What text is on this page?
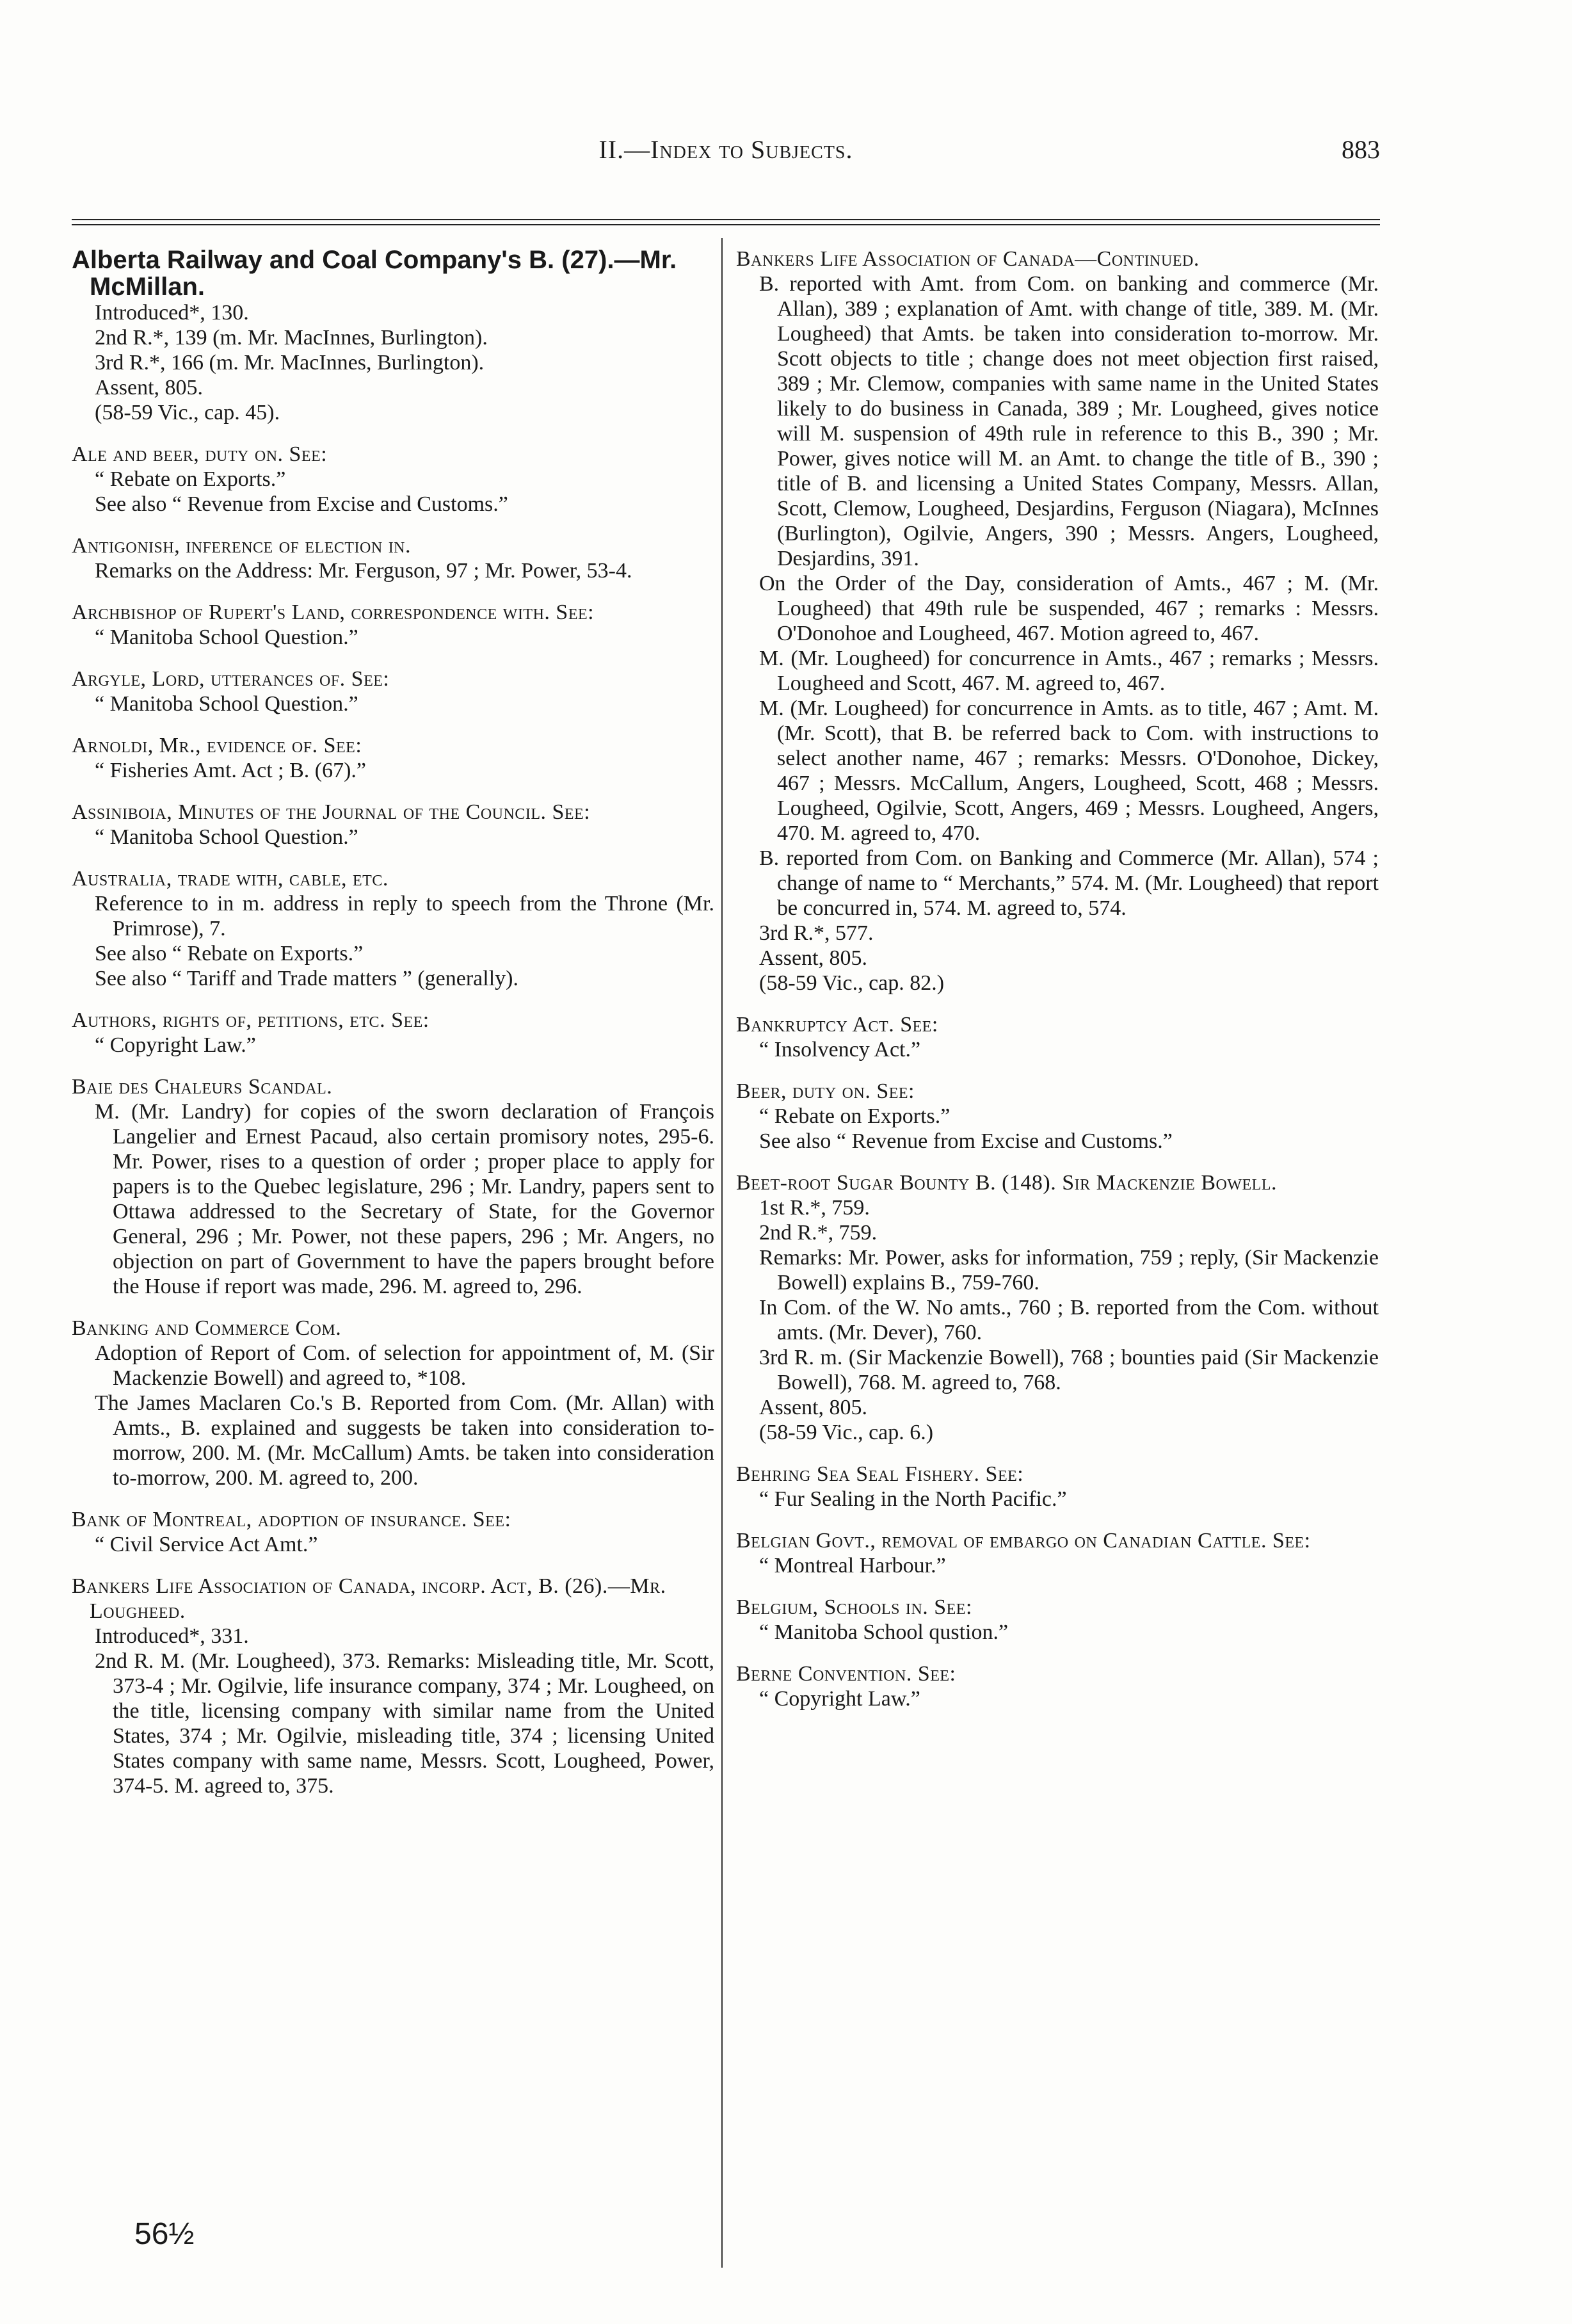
II.—Index to Subjects.	883
Alberta Railway and Coal Company's B. (27).—Mr. McMillan.
Introduced*, 130.
2nd R.*, 139 (m. Mr. MacInnes, Burlington).
3rd R.*, 166 (m. Mr. MacInnes, Burlington).
Assent, 805.
(58-59 Vic., cap. 45).
Ale and beer, duty on. See:
“ Rebate on Exports.”
See also “ Revenue from Excise and Customs.”
Antigonish, inference of election in.
Remarks on the Address: Mr. Ferguson, 97 ; Mr. Power, 53-4.
Archbishop of Rupert's Land, correspondence with. See:
“ Manitoba School Question.”
Argyle, Lord, utterances of. See:
“ Manitoba School Question.”
Arnoldi, Mr., evidence of. See:
“ Fisheries Amt. Act ; B. (67).”
Assiniboia, Minutes of the Journal of the Council. See:
“ Manitoba School Question.”
Australia, trade with, cable, etc.
Reference to in m. address in reply to speech from the Throne (Mr. Primrose), 7.
See also “ Rebate on Exports.”
See also “ Tariff and Trade matters ” (generally).
Authors, rights of, petitions, etc. See:
“ Copyright Law.”
Baie des Chaleurs Scandal.
M. (Mr. Landry) for copies of the sworn declaration of François Langelier and Ernest Pacaud, also certain promisory notes, 295-6. Mr. Power, rises to a question of order ; proper place to apply for papers is to the Quebec legislature, 296 ; Mr. Landry, papers sent to Ottawa addressed to the Secretary of State, for the Governor General, 296 ; Mr. Power, not these papers, 296 ; Mr. Angers, no objection on part of Government to have the papers brought before the House if report was made, 296. M. agreed to, 296.
Banking and Commerce Com.
Adoption of Report of Com. of selection for appointment of, M. (Sir Mackenzie Bowell) and agreed to, *108.
The James Maclaren Co.'s B. Reported from Com. (Mr. Allan) with Amts., B. explained and suggests be taken into consideration to-morrow, 200. M. (Mr. McCallum) Amts. be taken into consideration to-morrow, 200. M. agreed to, 200.
Bank of Montreal, adoption of insurance. See:
“ Civil Service Act Amt.”
Bankers Life Association of Canada, incorp. Act, B. (26).—Mr. Lougheed.
Introduced*, 331.
2nd R. M. (Mr. Lougheed), 373. Remarks: Misleading title, Mr. Scott, 373-4 ; Mr. Ogilvie, life insurance company, 374 ; Mr. Lougheed, on the title, licensing company with similar name from the United States, 374 ; Mr. Ogilvie, misleading title, 374 ; licensing United States company with same name, Messrs. Scott, Lougheed, Power, 374-5. M. agreed to, 375.
Bankers Life Association of Canada—Continued.
B. reported with Amt. from Com. on banking and commerce (Mr. Allan), 389 ; explanation of Amt. with change of title, 389. M. (Mr. Lougheed) that Amts. be taken into consideration to-morrow. Mr. Scott objects to title ; change does not meet objection first raised, 389 ; Mr. Clemow, companies with same name in the United States likely to do business in Canada, 389 ; Mr. Lougheed, gives notice will M. suspension of 49th rule in reference to this B., 390 ; Mr. Power, gives notice will M. an Amt. to change the title of B., 390 ; title of B. and licensing a United States Company, Messrs. Allan, Scott, Clemow, Lougheed, Desjardins, Ferguson (Niagara), McInnes (Burlington), Ogilvie, Angers, 390 ; Messrs. Angers, Lougheed, Desjardins, 391.
On the Order of the Day, consideration of Amts., 467 ; M. (Mr. Lougheed) that 49th rule be suspended, 467 ; remarks : Messrs. O'Donohoe and Lougheed, 467. Motion agreed to, 467.
M. (Mr. Lougheed) for concurrence in Amts., 467 ; remarks ; Messrs. Lougheed and Scott, 467. M. agreed to, 467.
M. (Mr. Lougheed) for concurrence in Amts. as to title, 467 ; Amt. M. (Mr. Scott), that B. be referred back to Com. with instructions to select another name, 467 ; remarks: Messrs. O'Donohoe, Dickey, 467 ; Messrs. McCallum, Angers, Lougheed, Scott, 468 ; Messrs. Lougheed, Ogilvie, Scott, Angers, 469 ; Messrs. Lougheed, Angers, 470. M. agreed to, 470.
B. reported from Com. on Banking and Commerce (Mr. Allan), 574 ; change of name to “ Merchants,” 574. M. (Mr. Lougheed) that report be concurred in, 574. M. agreed to, 574.
3rd R.*, 577.
Assent, 805.
(58-59 Vic., cap. 82.)
Bankruptcy Act. See:
“ Insolvency Act.”
Beer, duty on. See:
“ Rebate on Exports.”
See also “ Revenue from Excise and Customs.”
Beet-root Sugar Bounty B. (148). Sir Mackenzie Bowell.
1st R.*, 759.
2nd R.*, 759.
Remarks: Mr. Power, asks for information, 759 ; reply, (Sir Mackenzie Bowell) explains B., 759-760.
In Com. of the W. No amts., 760 ; B. reported from the Com. without amts. (Mr. Dever), 760.
3rd R. m. (Sir Mackenzie Bowell), 768 ; bounties paid (Sir Mackenzie Bowell), 768. M. agreed to, 768.
Assent, 805.
(58-59 Vic., cap. 6.)
Behring Sea Seal Fishery. See:
“ Fur Sealing in the North Pacific.”
Belgian Govt., removal of embargo on Canadian Cattle. See:
“ Montreal Harbour.”
Belgium, Schools in. See:
“ Manitoba School qustion.”
Berne Convention. See:
“ Copyright Law.”
56½
